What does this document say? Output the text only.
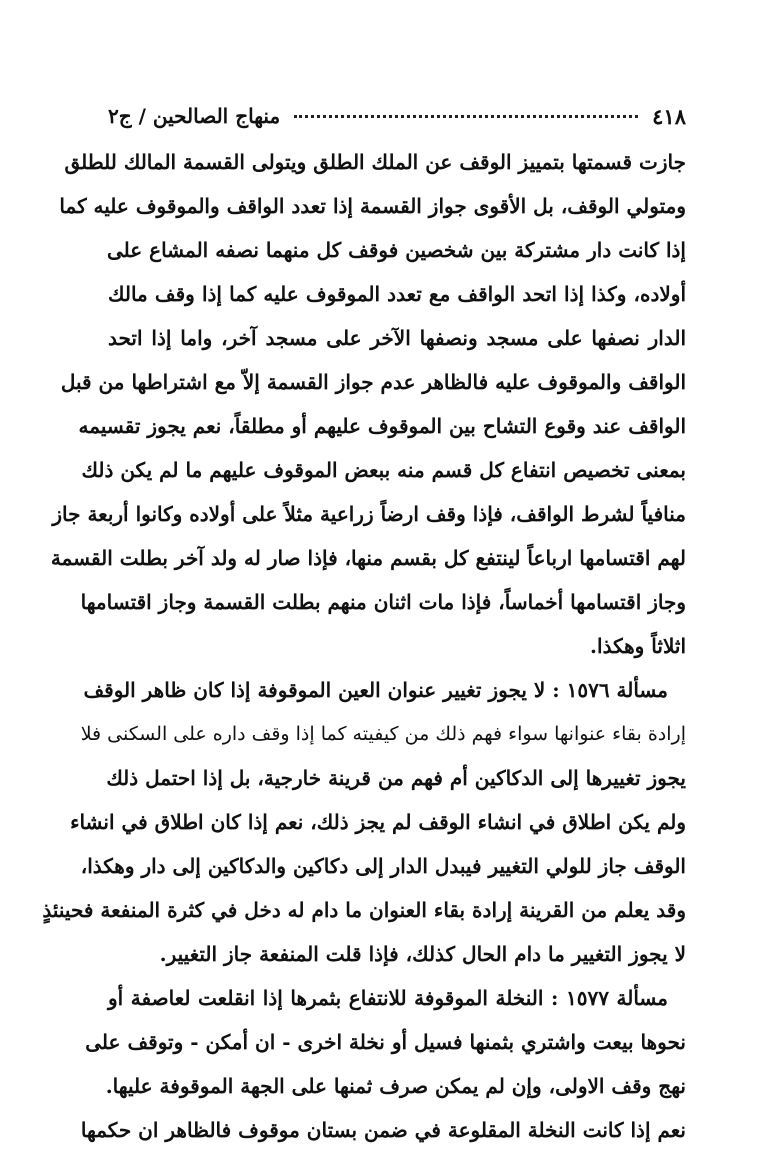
٤١٨
منهاج الصالحين / ج٢
جازت قسمتها بتمييز الوقف عن الملك الطلق ويتولى القسمة المالك للطلق
ومتولي الوقف، بل الأقوى جواز القسمة إذا تعدد الواقف والموقوف عليه كما
إذا كانت دار مشتركة بين شخصين فوقف كل منهما نصفه المشاع على
أولاده، وكذا إذا اتحد الواقف مع تعدد الموقوف عليه كما إذا وقف مالك
الدار نصفها على مسجد ونصفها الآخر على مسجد آخر، واما إذا اتحد
الواقف والموقوف عليه فالظاهر عدم جواز القسمة إلاّ مع اشتراطها من قبل
الواقف عند وقوع التشاح بين الموقوف عليهم أو مطلقاً، نعم يجوز تقسيمه
بمعنى تخصيص انتفاع كل قسم منه ببعض الموقوف عليهم ما لم يكن ذلك
منافياً لشرط الواقف، فإذا وقف ارضاً زراعية مثلاً على أولاده وكانوا أربعة جاز
لهم اقتسامها ارباعاً لينتفع كل بقسم منها، فإذا صار له ولد آخر بطلت القسمة
وجاز اقتسامها أخماساً، فإذا مات اثنان منهم بطلت القسمة وجاز اقتسامها
اثلاثاً وهكذا.
مسألة ١٥٧٦ : لا يجوز تغيير عنوان العين الموقوفة إذا كان ظاهر الوقف
إرادة بقاء عنوانها سواء فهم ذلك من كيفيته كما إذا وقف داره على السكنى فلا
يجوز تغييرها إلى الدكاكين أم فهم من قرينة خارجية، بل إذا احتمل ذلك
ولم يكن اطلاق في انشاء الوقف لم يجز ذلك، نعم إذا كان اطلاق في انشاء
الوقف جاز للولي التغيير فيبدل الدار إلى دكاكين والدكاكين إلى دار وهكذا،
وقد يعلم من القرينة إرادة بقاء العنوان ما دام له دخل في كثرة المنفعة فحينئذٍ
لا يجوز التغيير ما دام الحال كذلك، فإذا قلت المنفعة جاز التغيير.
مسألة ١٥٧٧ : النخلة الموقوفة للانتفاع بثمرها إذا انقلعت لعاصفة أو
نحوها بيعت واشتري بثمنها فسيل أو نخلة اخرى - ان أمكن - وتوقف على
نهج وقف الاولى، وإن لم يمكن صرف ثمنها على الجهة الموقوفة عليها.
نعم إذا كانت النخلة المقلوعة في ضمن بستان موقوف فالظاهر ان حكمها
